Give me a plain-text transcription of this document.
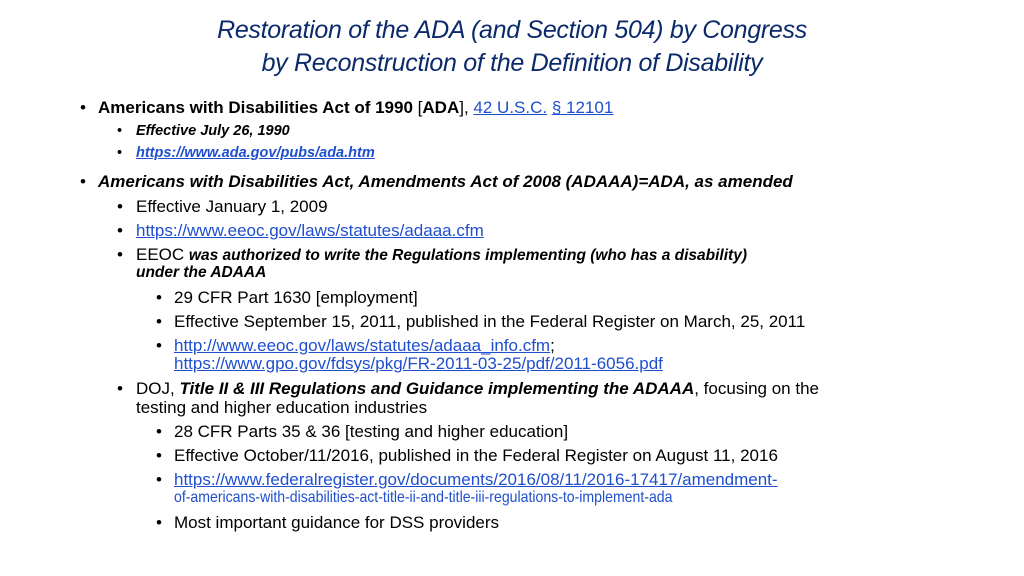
Restoration of the ADA (and Section 504) by Congress
by Reconstruction of the Definition of Disability
• Americans with Disabilities Act of 1990 [ADA], 42 U.S.C. § 12101
• Effective July 26, 1990
• https://www.ada.gov/pubs/ada.htm
• Americans with Disabilities Act, Amendments Act of 2008 (ADAAA)=ADA, as amended
• Effective January 1, 2009
• https://www.eeoc.gov/laws/statutes/adaaa.cfm
• EEOC was authorized to write the Regulations implementing (who has a disability)
under the ADAAA
• 29 CFR Part 1630 [employment]
• Effective September 15, 2011, published in the Federal Register on March, 25, 2011
• http://www.eeoc.gov/laws/statutes/adaaa_info.cfm;
https://www.gpo.gov/fdsys/pkg/FR-2011-03-25/pdf/2011-6056.pdf
• DOJ, Title II & III Regulations and Guidance implementing the ADAAA, focusing on the
testing and higher education industries
• 28 CFR Parts 35 & 36 [testing and higher education]
• Effective October/11/2016, published in the Federal Register on August 11, 2016
• https://www.federalregister.gov/documents/2016/08/11/2016-17417/amendment-
of-americans-with-disabilities-act-title-ii-and-title-iii-regulations-to-implement-ada
• Most important guidance for DSS providers
